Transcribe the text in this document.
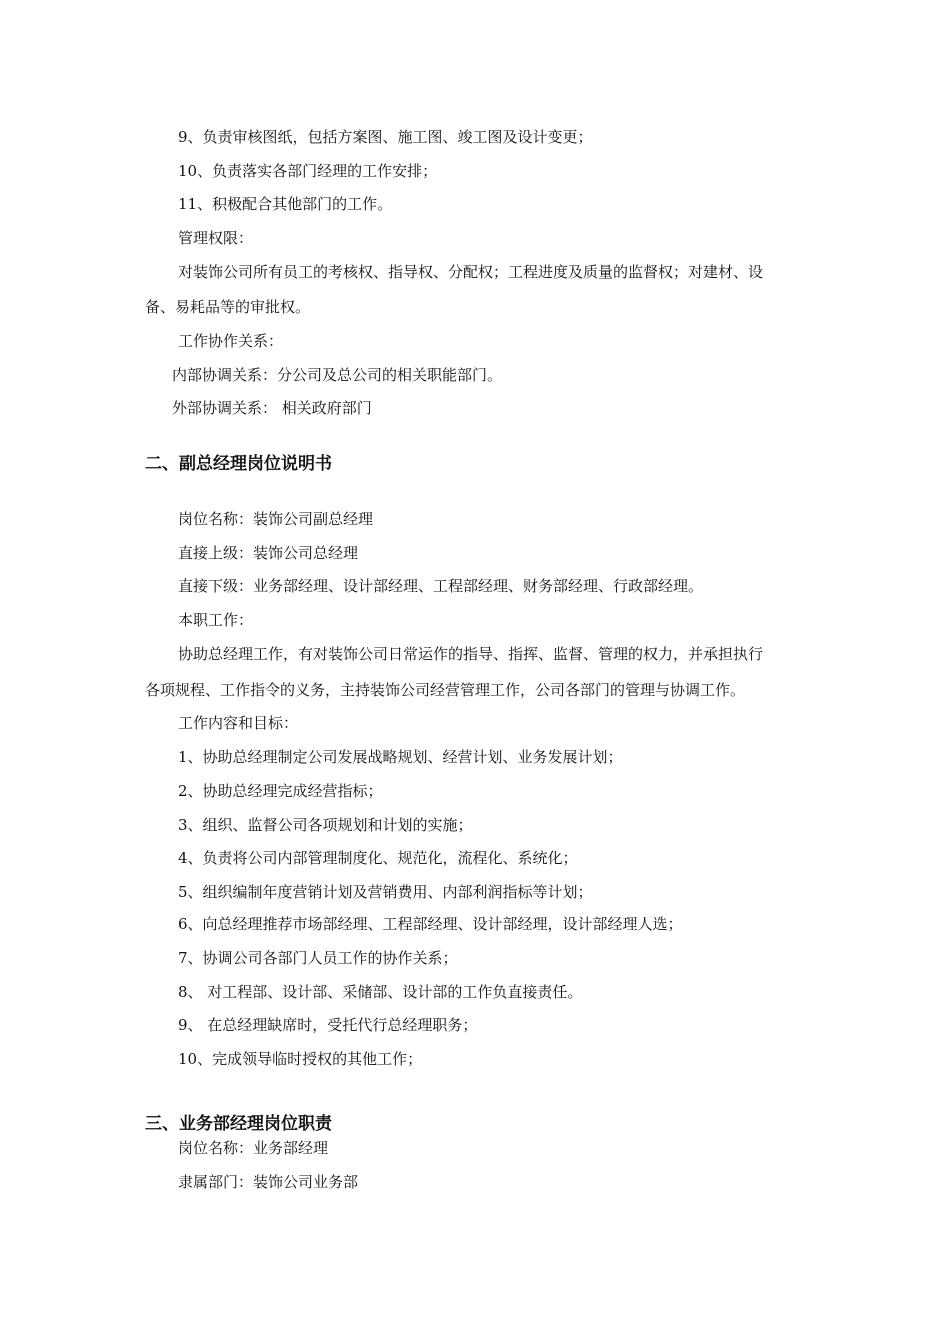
9、负责审核图纸，包括方案图、施工图、竣工图及设计变更；
10、负责落实各部门经理的工作安排；
11、积极配合其他部门的工作。
管理权限：
对装饰公司所有员工的考核权、指导权、分配权；工程进度及质量的监督权；对建材、设
备、易耗品等的审批权。
工作协作关系：
内部协调关系：分公司及总公司的相关职能部门。
外部协调关系： 相关政府部门
二、副总经理岗位说明书
岗位名称：装饰公司副总经理
直接上级：装饰公司总经理
直接下级：业务部经理、设计部经理、工程部经理、财务部经理、行政部经理。
本职工作：
协助总经理工作，有对装饰公司日常运作的指导、指挥、监督、管理的权力，并承担执行
各项规程、工作指令的义务，主持装饰公司经营管理工作，公司各部门的管理与协调工作。
工作内容和目标：
1、协助总经理制定公司发展战略规划、经营计划、业务发展计划；
2、协助总经理完成经营指标；
3、组织、监督公司各项规划和计划的实施；
4、负责将公司内部管理制度化、规范化，流程化、系统化；
5、组织编制年度营销计划及营销费用、内部利润指标等计划；
6、向总经理推荐市场部经理、工程部经理、设计部经理，设计部经理人选；
7、协调公司各部门人员工作的协作关系；
8、 对工程部、设计部、采储部、设计部的工作负直接责任。
9、 在总经理缺席时，受托代行总经理职务；
10、完成领导临时授权的其他工作；
三、业务部经理岗位职责
岗位名称：业务部经理
隶属部门：装饰公司业务部
